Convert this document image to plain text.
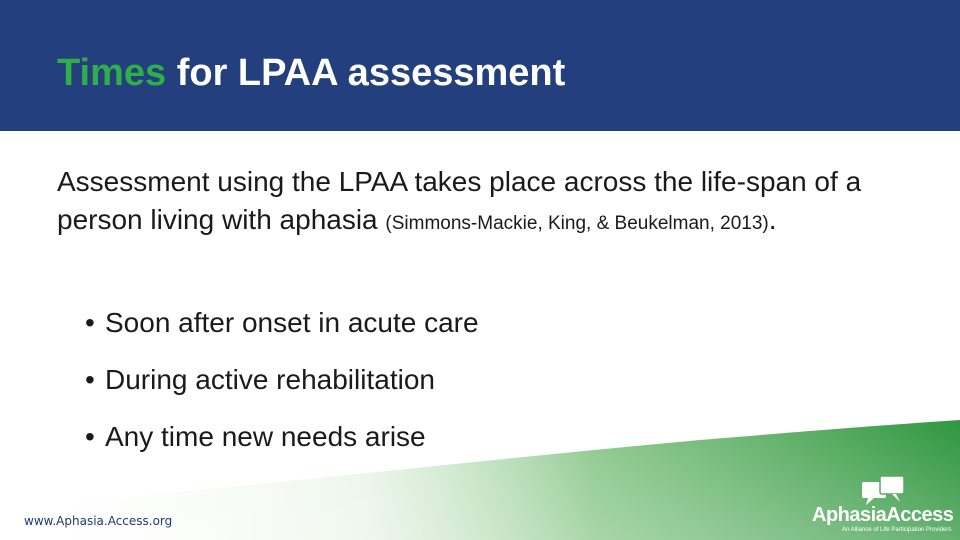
Times for LPAA assessment

Assessment using the LPAA takes place across the life-span of a person living with aphasia (Simmons-Mackie, King, & Beukelman, 2013).

• Soon after onset in acute care
• During active rehabilitation
• Any time new needs arise
www.Aphasia.Access.org	AphasiaAccess
An Alliance of Life Participation Providers
